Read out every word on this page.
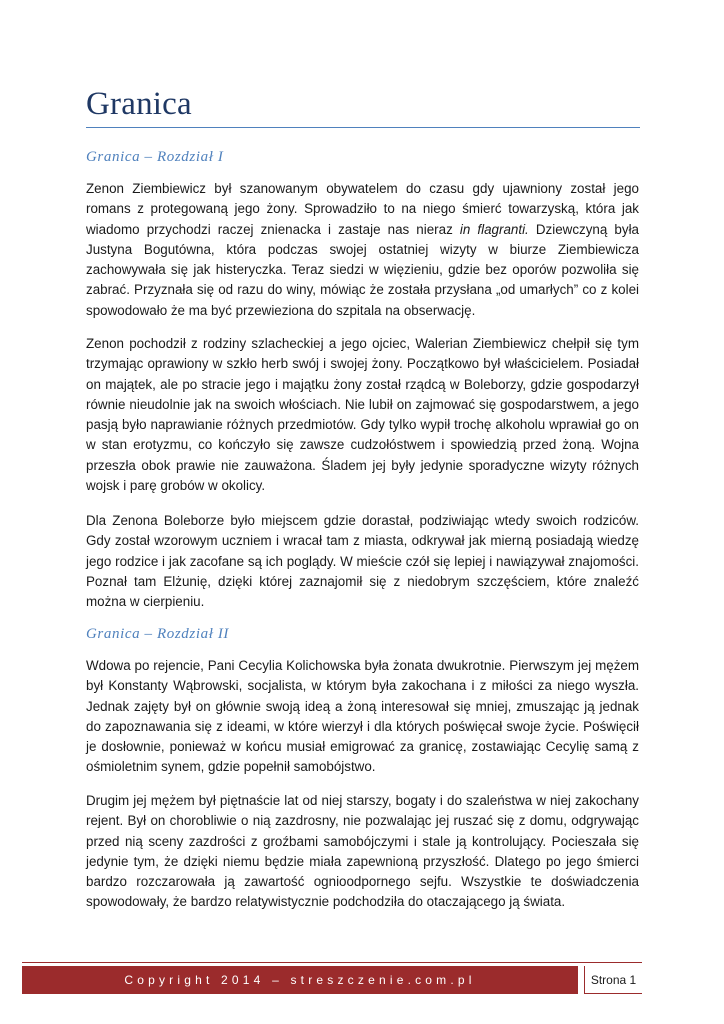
Granica
Granica – Rozdział I

Zenon Ziembiewicz był szanowanym obywatelem do czasu gdy ujawniony został jego romans z protegowaną jego żony. Sprowadziło to na niego śmierć towarzyską, która jak wiadomo przychodzi raczej znienacka i zastaje nas nieraz in flagranti. Dziewczyną była Justyna Bogutówna, która podczas swojej ostatniej wizyty w biurze Ziembiewicza zachowywała się jak histeryczka. Teraz siedzi w więzieniu, gdzie bez oporów pozwoliła się zabrać. Przyznała się od razu do winy, mówiąc że została przysłana „od umarłych” co z kolei spowodowało że ma być przewieziona do szpitala na obserwację.

Zenon pochodził z rodziny szlacheckiej a jego ojciec, Walerian Ziembiewicz chełpił się tym trzymając oprawiony w szkło herb swój i swojej żony. Początkowo był właścicielem. Posiadał on majątek, ale po stracie jego i majątku żony został rządcą w Boleborzy, gdzie gospodarzył równie nieudolnie jak na swoich włościach. Nie lubił on zajmować się gospodarstwem, a jego pasją było naprawianie różnych przedmiotów. Gdy tylko wypił trochę alkoholu wprawiał go on w stan erotyzmu, co kończyło się zawsze cudzołóstwem i spowiedzią przed żoną. Wojna przeszła obok prawie nie zauważona. Śladem jej były jedynie sporadyczne wizyty różnych wojsk i parę grobów w okolicy.

Dla Zenona Boleborze było miejscem gdzie dorastał, podziwiając wtedy swoich rodziców. Gdy został wzorowym uczniem i wracał tam z miasta, odkrywał jak mierną posiadają wiedzę jego rodzice i jak zacofane są ich poglądy. W mieście czół się lepiej i nawiązywał znajomości. Poznał tam Elżunię, dzięki której zaznajomił się z niedobrym szczęściem, które znaleźć można w cierpieniu.

Granica – Rozdział II

Wdowa po rejencie, Pani Cecylia Kolichowska była żonata dwukrotnie. Pierwszym jej mężem był Konstanty Wąbrowski, socjalista, w którym była zakochana i z miłości za niego wyszła. Jednak zajęty był on głównie swoją ideą a żoną interesował się mniej, zmuszając ją jednak do zapoznawania się z ideami, w które wierzył i dla których poświęcał swoje życie. Poświęcił je dosłownie, ponieważ w końcu musiał emigrować za granicę, zostawiając Cecylię samą z ośmioletnim synem, gdzie popełnił samobójstwo.

Drugim jej mężem był piętnaście lat od niej starszy, bogaty i do szaleństwa w niej zakochany rejent. Był on chorobliwie o nią zazdrosny, nie pozwalając jej ruszać się z domu, odgrywając przed nią sceny zazdrości z groźbami samobójczymi i stale ją kontrolujący. Pocieszała się jedynie tym, że dzięki niemu będzie miała zapewnioną przyszłość. Dlatego po jego śmierci bardzo rozczarowała ją zawartość ognioodpornego sejfu. Wszystkie te doświadczenia spowodowały, że bardzo relatywistycznie podchodziła do otaczającego ją świata.

Copyright 2014 – streszczenie.com.pl	Strona 1
